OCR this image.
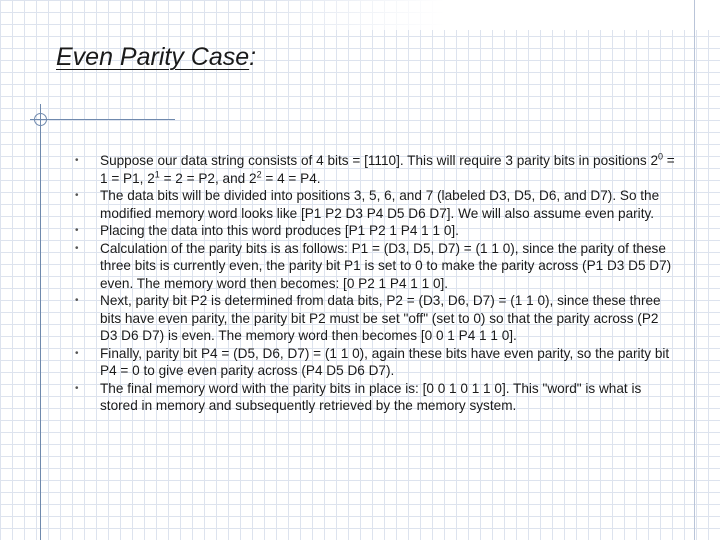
Even Parity Case:
• Suppose our data string consists of 4 bits = [1110]. This will require 3 parity bits in positions $2^0 = 1 = P1$, $2^1 = 2 = P2$, and $2^2 = 4 = P4$.
• The data bits will be divided into positions 3, 5, 6, and 7 (labeled D3, D5, D6, and D7). So the modified memory word looks like [P1 P2 D3 P4 D5 D6 D7]. We will also assume even parity.
• Placing the data into this word produces [P1 P2 1 P4 1 1 0].
• Calculation of the parity bits is as follows: P1 = (D3, D5, D7) = (1 1 0), since the parity of these three bits is currently even, the parity bit P1 is set to 0 to make the parity across (P1 D3 D5 D7) even. The memory word then becomes: [0 P2 1 P4 1 1 0].
• Next, parity bit P2 is determined from data bits, P2 = (D3, D6, D7) = (1 1 0), since these three bits have even parity, the parity bit P2 must be set "off" (set to 0) so that the parity across (P2 D3 D6 D7) is even. The memory word then becomes [0 0 1 P4 1 1 0].
• Finally, parity bit P4 = (D5, D6, D7) = (1 1 0), again these bits have even parity, so the parity bit P4 = 0 to give even parity across (P4 D5 D6 D7).
• The final memory word with the parity bits in place is: [0 0 1 0 1 1 0]. This "word" is what is stored in memory and subsequently retrieved by the memory system.
